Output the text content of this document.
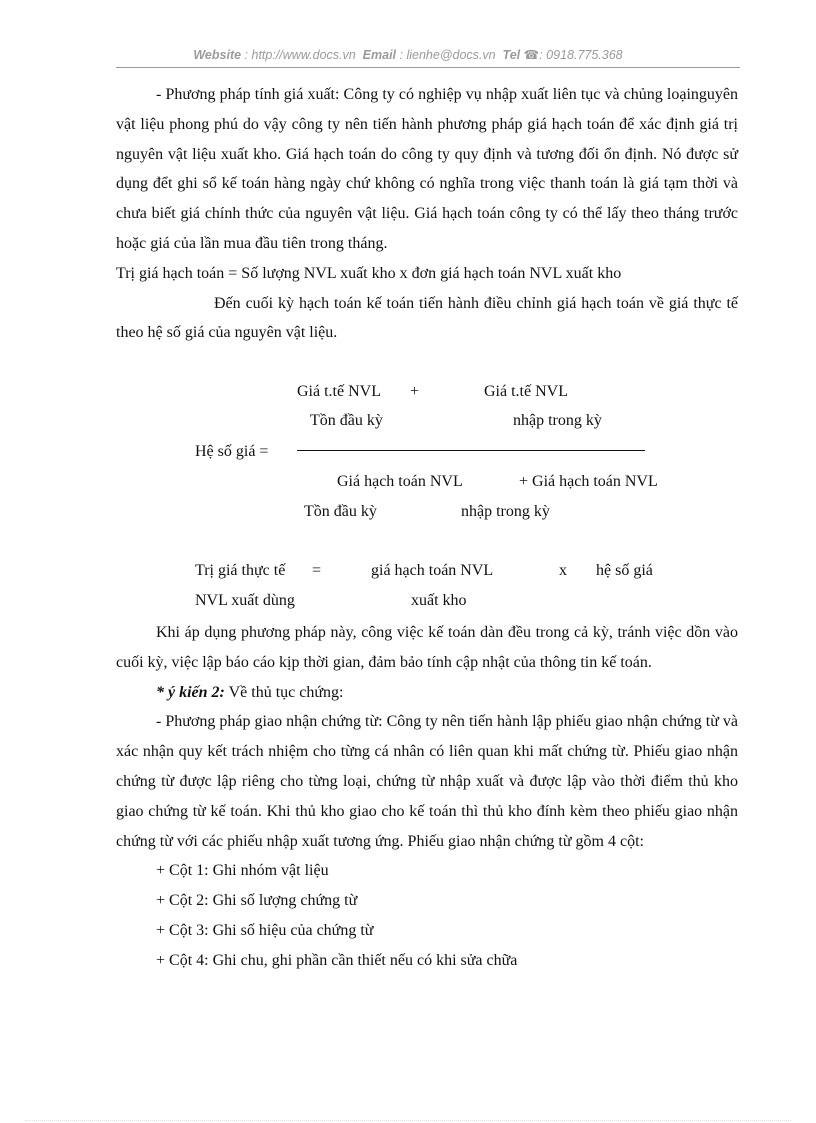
Website : http://www.docs.vn Email : lienhe@docs.vn Tel ☎: 0918.775.368

- Phương pháp tính giá xuất: Công ty có nghiệp vụ nhập xuất liên tục và chủng loạinguyên vật liệu phong phú do vậy công ty nên tiến hành phương pháp giá hạch toán để xác định giá trị nguyên vật liệu xuất kho. Giá hạch toán do công ty quy định và tương đối ổn định. Nó được sử dụng đểt ghi sổ kế toán hàng ngày chứ không có nghĩa trong việc thanh toán là giá tạm thời và chưa biết giá chính thức của nguyên vật liệu. Giá hạch toán công ty có thể lấy theo tháng trước hoặc giá của lần mua đầu tiên trong tháng.

Trị giá hạch toán = Số lượng NVL xuất kho x đơn giá hạch toán NVL xuất kho

Đến cuối kỳ hạch toán kế toán tiến hành điều chỉnh giá hạch toán về giá thực tế theo hệ số giá của nguyên vật liệu.

Giá t.tế NVL +	Giá t.tế NVL
Tồn đầu kỳ	nhập trong kỳ
Hệ số giá =
Giá hạch toán NVL	+ Giá hạch toán NVL
Tồn đầu kỳ	nhập trong kỳ
Trị giá thực tế =	giá hạch toán NVL	x hệ số giá
NVL xuất dùng	xuất kho

Khi áp dụng phương pháp này, công việc kế toán dàn đều trong cả kỳ, tránh việc dồn vào cuối kỳ, việc lập báo cáo kịp thời gian, đảm bảo tính cập nhật của thông tin kế toán.

* ý kiến 2: Về thủ tục chứng:

- Phương pháp giao nhận chứng từ: Công ty nên tiến hành lập phiếu giao nhận chứng từ và xác nhận quy kết trách nhiệm cho từng cá nhân có liên quan khi mất chứng từ. Phiếu giao nhận chứng từ được lập riêng cho từng loại, chứng từ nhập xuất và được lập vào thời điểm thủ kho giao chứng từ kế toán. Khi thủ kho giao cho kế toán thì thủ kho đính kèm theo phiếu giao nhận chứng từ với các phiếu nhập xuất tương ứng. Phiếu giao nhận chứng từ gồm 4 cột:

+ Cột 1: Ghi nhóm vật liệu

+ Cột 2: Ghi số lượng chứng từ

+ Cột 3: Ghi số hiệu của chứng từ

+ Cột 4: Ghi chu, ghi phần cần thiết nếu có khi sửa chữa
